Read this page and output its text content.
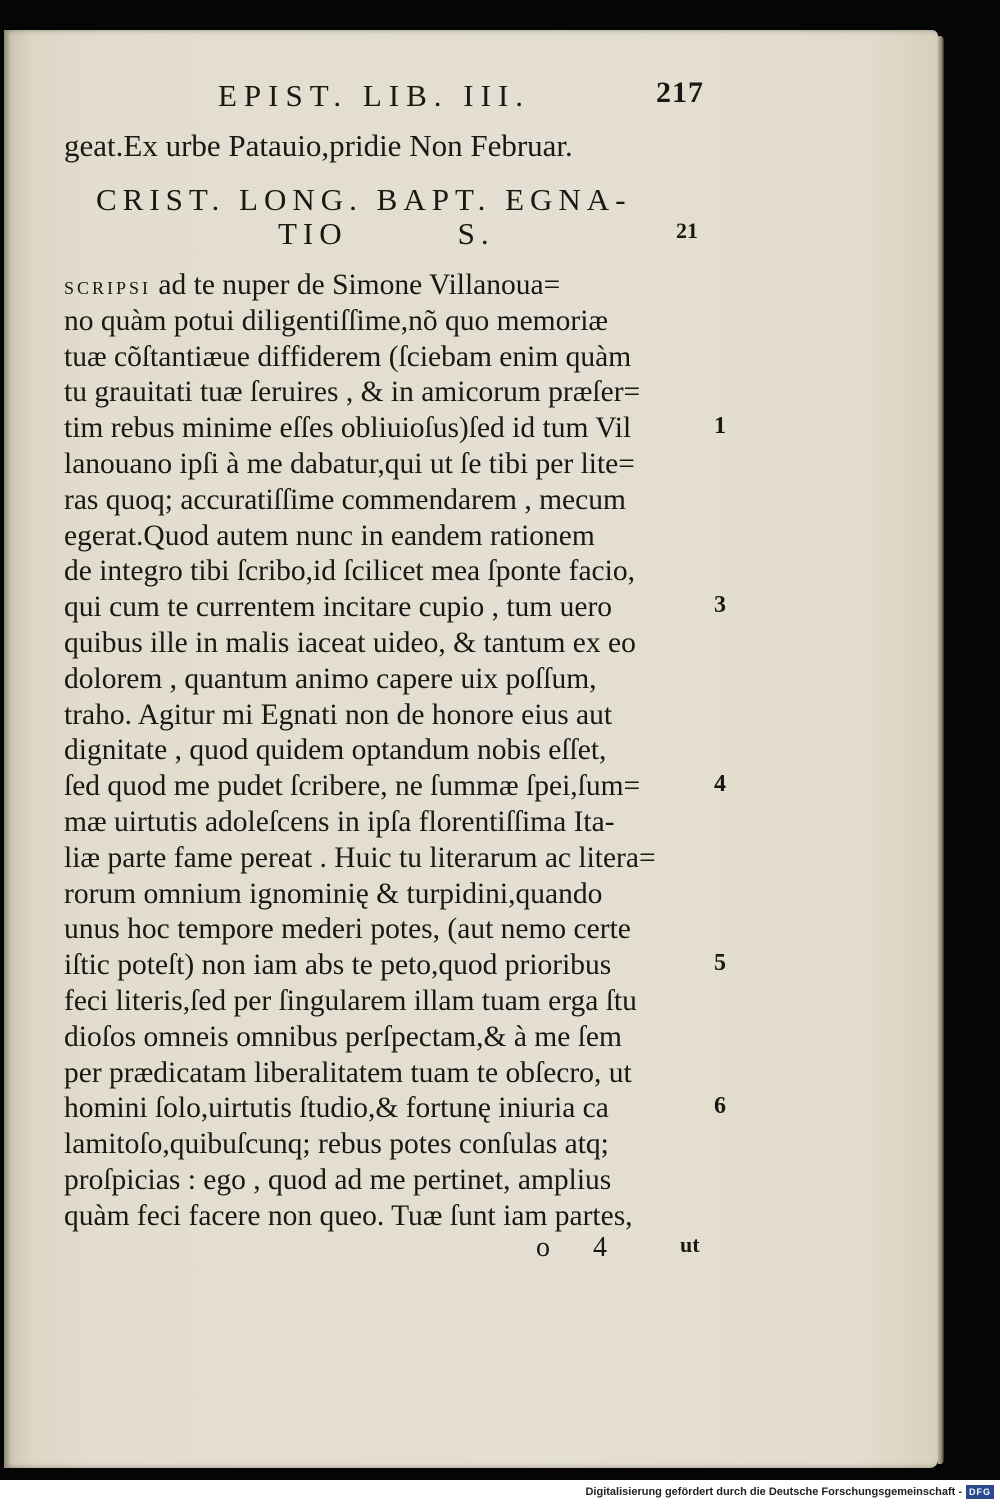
EPIST. LIB. III.	217
geat.Ex urbe Patauio,pridie Non Februar.
CRIST. LONG. BAPT. EGNA-
TIO        S.	21
SCRIPSI ad te nuper de Simone Villanoua=
no quàm potui diligentiſſime,nõ quo memoriæ
tuæ cõſtantiæue diffiderem (ſciebam enim quàm
tu grauitati tuæ ſeruires , & in amicorum præſer=
tim rebus minime eſſes obliuioſus)ſed id tum Vil
lanouano ipſi à me dabatur,qui ut ſe tibi per lite=
ras quoq; accuratiſſime commendarem , mecum
egerat.Quod autem nunc in eandem rationem
de integro tibi ſcribo,id ſcilicet mea ſponte facio,
qui cum te currentem incitare cupio , tum uero
quibus ille in malis iaceat uideo, & tantum ex eo
dolorem , quantum animo capere uix poſſum,
traho. Agitur mi Egnati non de honore eius aut
dignitate , quod quidem optandum nobis eſſet,
ſed quod me pudet ſcribere, ne ſummæ ſpei,ſum=
mæ uirtutis adoleſcens in ipſa florentiſſima Ita-
liæ parte fame pereat . Huic tu literarum ac litera=
rorum omnium ignominię & turpidini,quando
unus hoc tempore mederi potes, (aut nemo certe
iſtic poteſt) non iam abs te peto,quod prioribus
feci literis,ſed per ſingularem illam tuam erga ſtu
dioſos omneis omnibus perſpectam,& à me ſem
per prædicatam liberalitatem tuam te obſecro, ut
homini ſolo,uirtutis ſtudio,& fortunę iniuria ca
lamitoſo,quibuſcunq; rebus potes conſulas atq;
proſpicias : ego , quod ad me pertinet, amplius
quàm feci facere non queo. Tuæ ſunt iam partes,
o 4	ut
Digitalisierung gefördert durch die Deutsche Forschungsgemeinschaft - DFG
1
3
4
5
6
